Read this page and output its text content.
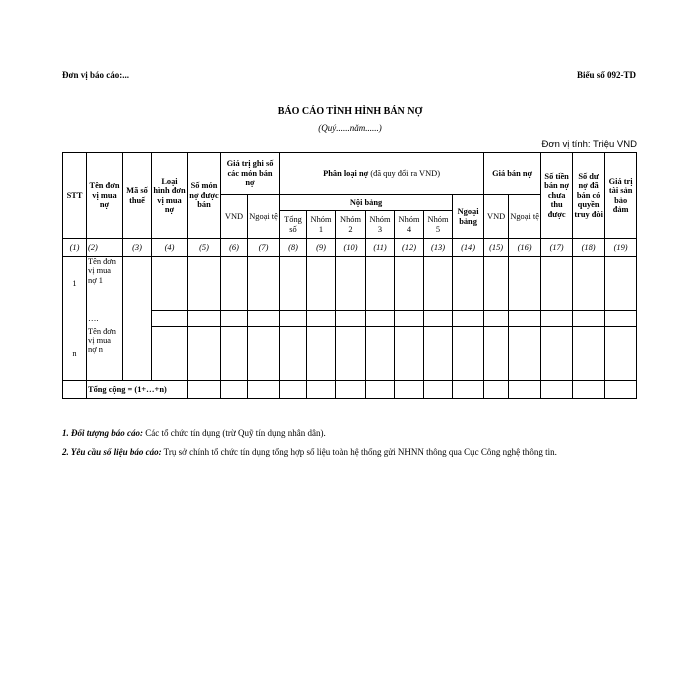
Đơn vị báo cáo:...	Biểu số 092-TD
BÁO CÁO TÌNH HÌNH BÁN NỢ
(Quý......năm......)
Đơn vị tính: Triệu VND
STT	Tên đơn vị mua nợ	Mã số thuế	Loại hình đơn vị mua nợ	Số món nợ được bán	Giá trị ghi số các món bán nợ		Phân loại nợ (đã quy đổi ra VND)							Giá bán nợ		Số tiền bán nợ chưa thu được	Số dư nợ đã bán có quyền truy đòi	Giá trị tài sản bảo đảm
					VND	Ngoại tệ	Nội bảng						Ngoại bảng	VND	Ngoại tệ			
							Tổng số	Nhóm 1	Nhóm 2	Nhóm 3	Nhóm 4	Nhóm 5						
(1)	(2)	(3)	(4)	(5)	(6)	(7)	(8)	(9)	(10)	(11)	(12)	(13)	(14)	(15)	(16)	(17)	(18)	(19)
1	Tên đơn vị mua nợ 1																	
	….																	
n	Tên đơn vị mua nợ n																	
	Tổng cộng = (1+…+n)																	
1. Đối tượng báo cáo: Các tổ chức tín dụng (trừ Quỹ tín dụng nhân dân).
2. Yêu cầu số liệu báo cáo: Trụ sở chính tổ chức tín dụng tổng hợp số liệu toàn hệ thống gửi NHNN thông qua Cục Công nghệ thông tin.
